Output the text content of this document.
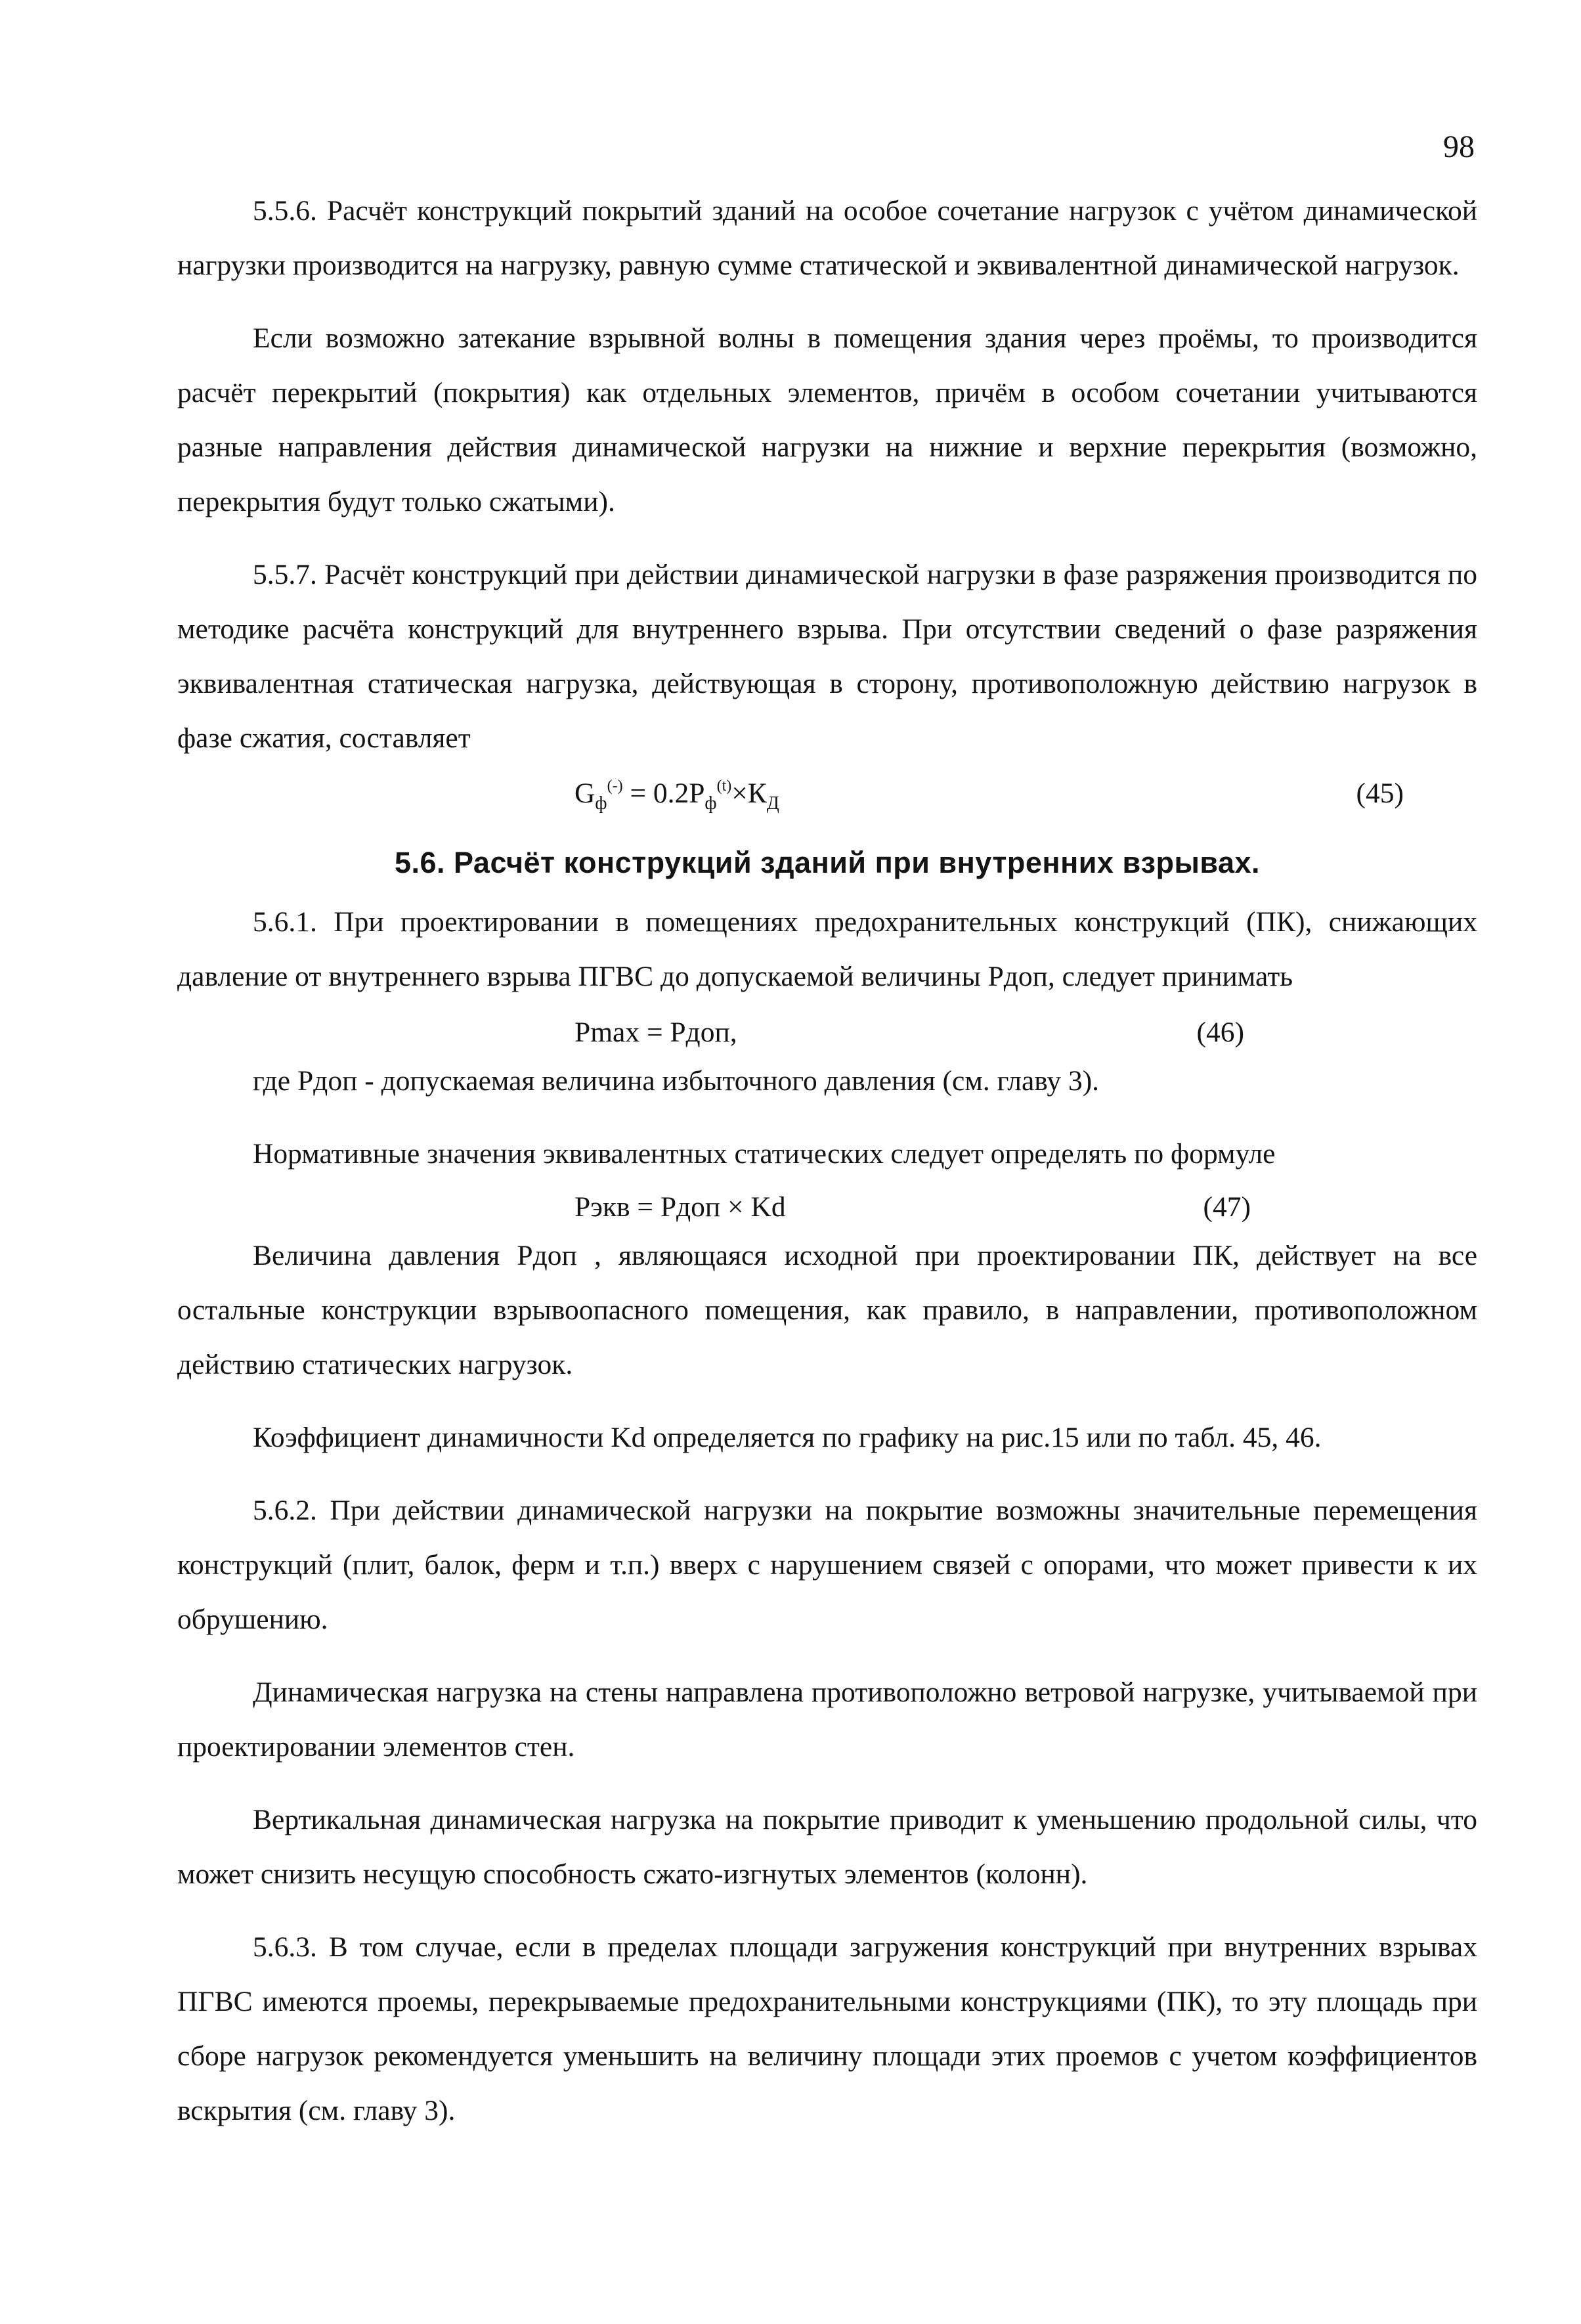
98

5.5.6. Расчёт конструкций покрытий зданий на особое сочетание нагрузок с учётом динамической нагрузки производится на нагрузку, равную сумме статической и эквивалентной динамической нагрузок.

Если возможно затекание взрывной волны в помещения здания через проёмы, то производится расчёт перекрытий (покрытия) как отдельных элементов, причём в особом сочетании учитываются разные направления действия динамической нагрузки на нижние и верхние перекрытия (возможно, перекрытия будут только сжатыми).

5.5.7. Расчёт конструкций при действии динамической нагрузки в фазе разряжения производится по методике расчёта конструкций для внутреннего взрыва. При отсутствии сведений о фазе разряжения эквивалентная статическая нагрузка, действующая в сторону, противоположную действию нагрузок в фазе сжатия, составляет

$G_ф^{(-)} = 0.2P_ф^{(t)}\times К_Д$	(45)
5.6. Расчёт конструкций зданий при внутренних взрывах.

5.6.1. При проектировании в помещениях предохранительных конструкций (ПК), снижающих давление от внутреннего взрыва ПГВС до допускаемой величины Pдоп, следует принимать

Pmax = Pдоп,	(46)

где Pдоп - допускаемая величина избыточного давления (см. главу 3).

Нормативные значения эквивалентных статических следует определять по формуле

Pэкв = Pдоп × Kd	(47)

Величина давления Pдоп , являющаяся исходной при проектировании ПК, действует на все остальные конструкции взрывоопасного помещения, как правило, в направлении, противоположном действию статических нагрузок.

Коэффициент динамичности Kd определяется по графику на рис.15 или по табл. 45, 46.

5.6.2. При действии динамической нагрузки на покрытие возможны значительные перемещения конструкций (плит, балок, ферм и т.п.) вверх с нарушением связей с опорами, что может привести к их обрушению.

Динамическая нагрузка на стены направлена противоположно ветровой нагрузке, учитываемой при проектировании элементов стен.

Вертикальная динамическая нагрузка на покрытие приводит к уменьшению продольной силы, что может снизить несущую способность сжато-изгнутых элементов (колонн).

5.6.3. В том случае, если в пределах площади загружения конструкций при внутренних взрывах ПГВС имеются проемы, перекрываемые предохранительными конструкциями (ПК), то эту площадь при сборе нагрузок рекомендуется уменьшить на величину площади этих проемов с учетом коэффициентов вскрытия (см. главу 3).
